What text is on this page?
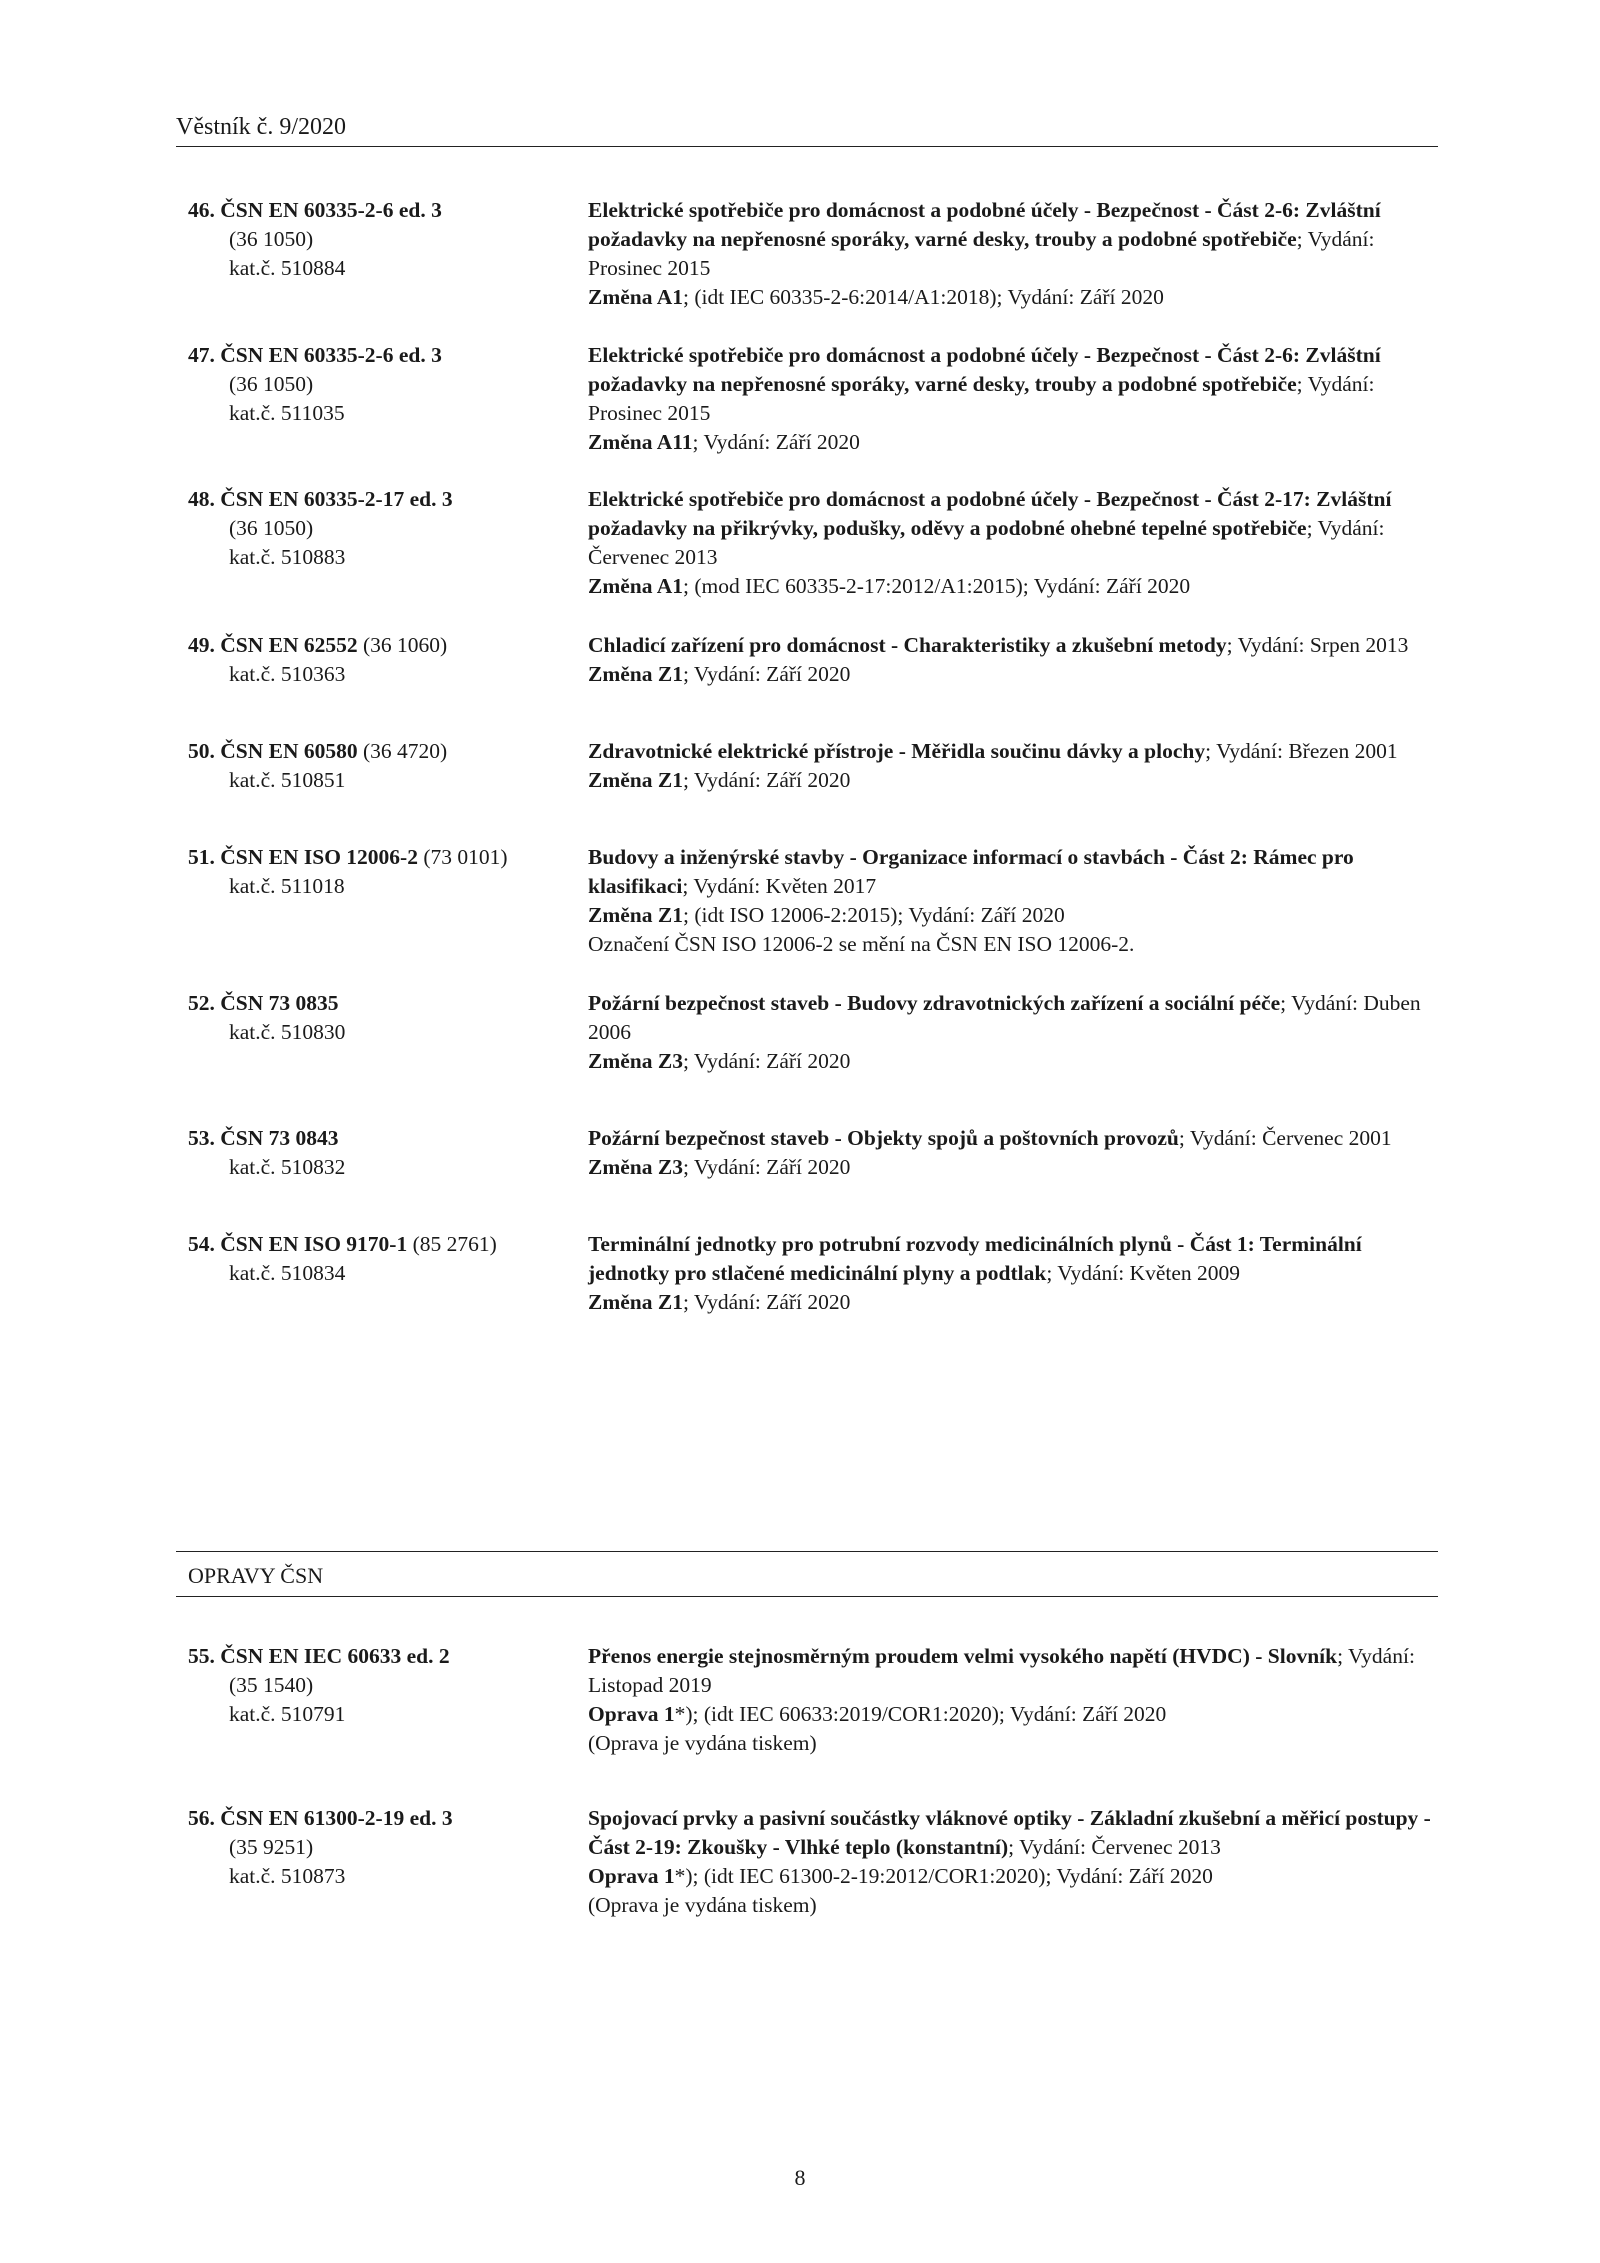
Věstník č. 9/2020
46. ČSN EN 60335-2-6 ed. 3
(36 1050)
kat.č. 510884
Elektrické spotřebiče pro domácnost a podobné účely - Bezpečnost - Část 2-6: Zvláštní požadavky na nepřenosné sporáky, varné desky, trouby a podobné spotřebiče; Vydání: Prosinec 2015
Změna A1; (idt IEC 60335-2-6:2014/A1:2018); Vydání: Září 2020
47. ČSN EN 60335-2-6 ed. 3
(36 1050)
kat.č. 511035
Elektrické spotřebiče pro domácnost a podobné účely - Bezpečnost - Část 2-6: Zvláštní požadavky na nepřenosné sporáky, varné desky, trouby a podobné spotřebiče; Vydání: Prosinec 2015
Změna A11; Vydání: Září 2020
48. ČSN EN 60335-2-17 ed. 3
(36 1050)
kat.č. 510883
Elektrické spotřebiče pro domácnost a podobné účely - Bezpečnost - Část 2-17: Zvláštní požadavky na přikrývky, podušky, oděvy a podobné ohebné tepelné spotřebiče; Vydání: Červenec 2013
Změna A1; (mod IEC 60335-2-17:2012/A1:2015); Vydání: Září 2020
49. ČSN EN 62552 (36 1060)
kat.č. 510363
Chladicí zařízení pro domácnost - Charakteristiky a zkušební metody; Vydání: Srpen 2013
Změna Z1; Vydání: Září 2020
50. ČSN EN 60580 (36 4720)
kat.č. 510851
Zdravotnické elektrické přístroje - Měřidla součinu dávky a plochy; Vydání: Březen 2001
Změna Z1; Vydání: Září 2020
51. ČSN EN ISO 12006-2 (73 0101)
kat.č. 511018
Budovy a inženýrské stavby - Organizace informací o stavbách - Část 2: Rámec pro klasifikaci; Vydání: Květen 2017
Změna Z1; (idt ISO 12006-2:2015); Vydání: Září 2020
Označení ČSN ISO 12006-2 se mění na ČSN EN ISO 12006-2.
52. ČSN 73 0835
kat.č. 510830
Požární bezpečnost staveb - Budovy zdravotnických zařízení a sociální péče; Vydání: Duben 2006
Změna Z3; Vydání: Září 2020
53. ČSN 73 0843
kat.č. 510832
Požární bezpečnost staveb - Objekty spojů a poštovních provozů; Vydání: Červenec 2001
Změna Z3; Vydání: Září 2020
54. ČSN EN ISO 9170-1 (85 2761)
kat.č. 510834
Terminální jednotky pro potrubní rozvody medicinálních plynů - Část 1: Terminální jednotky pro stlačené medicinální plyny a podtlak; Vydání: Květen 2009
Změna Z1; Vydání: Září 2020
OPRAVY ČSN
55. ČSN EN IEC 60633 ed. 2
(35 1540)
kat.č. 510791
Přenos energie stejnosměrným proudem velmi vysokého napětí (HVDC) - Slovník; Vydání: Listopad 2019
Oprava 1*); (idt IEC 60633:2019/COR1:2020); Vydání: Září 2020
(Oprava je vydána tiskem)
56. ČSN EN 61300-2-19 ed. 3
(35 9251)
kat.č. 510873
Spojovací prvky a pasivní součástky vláknové optiky - Základní zkušební a měřicí postupy - Část 2-19: Zkoušky - Vlhké teplo (konstantní); Vydání: Červenec 2013
Oprava 1*); (idt IEC 61300-2-19:2012/COR1:2020); Vydání: Září 2020
(Oprava je vydána tiskem)
8
